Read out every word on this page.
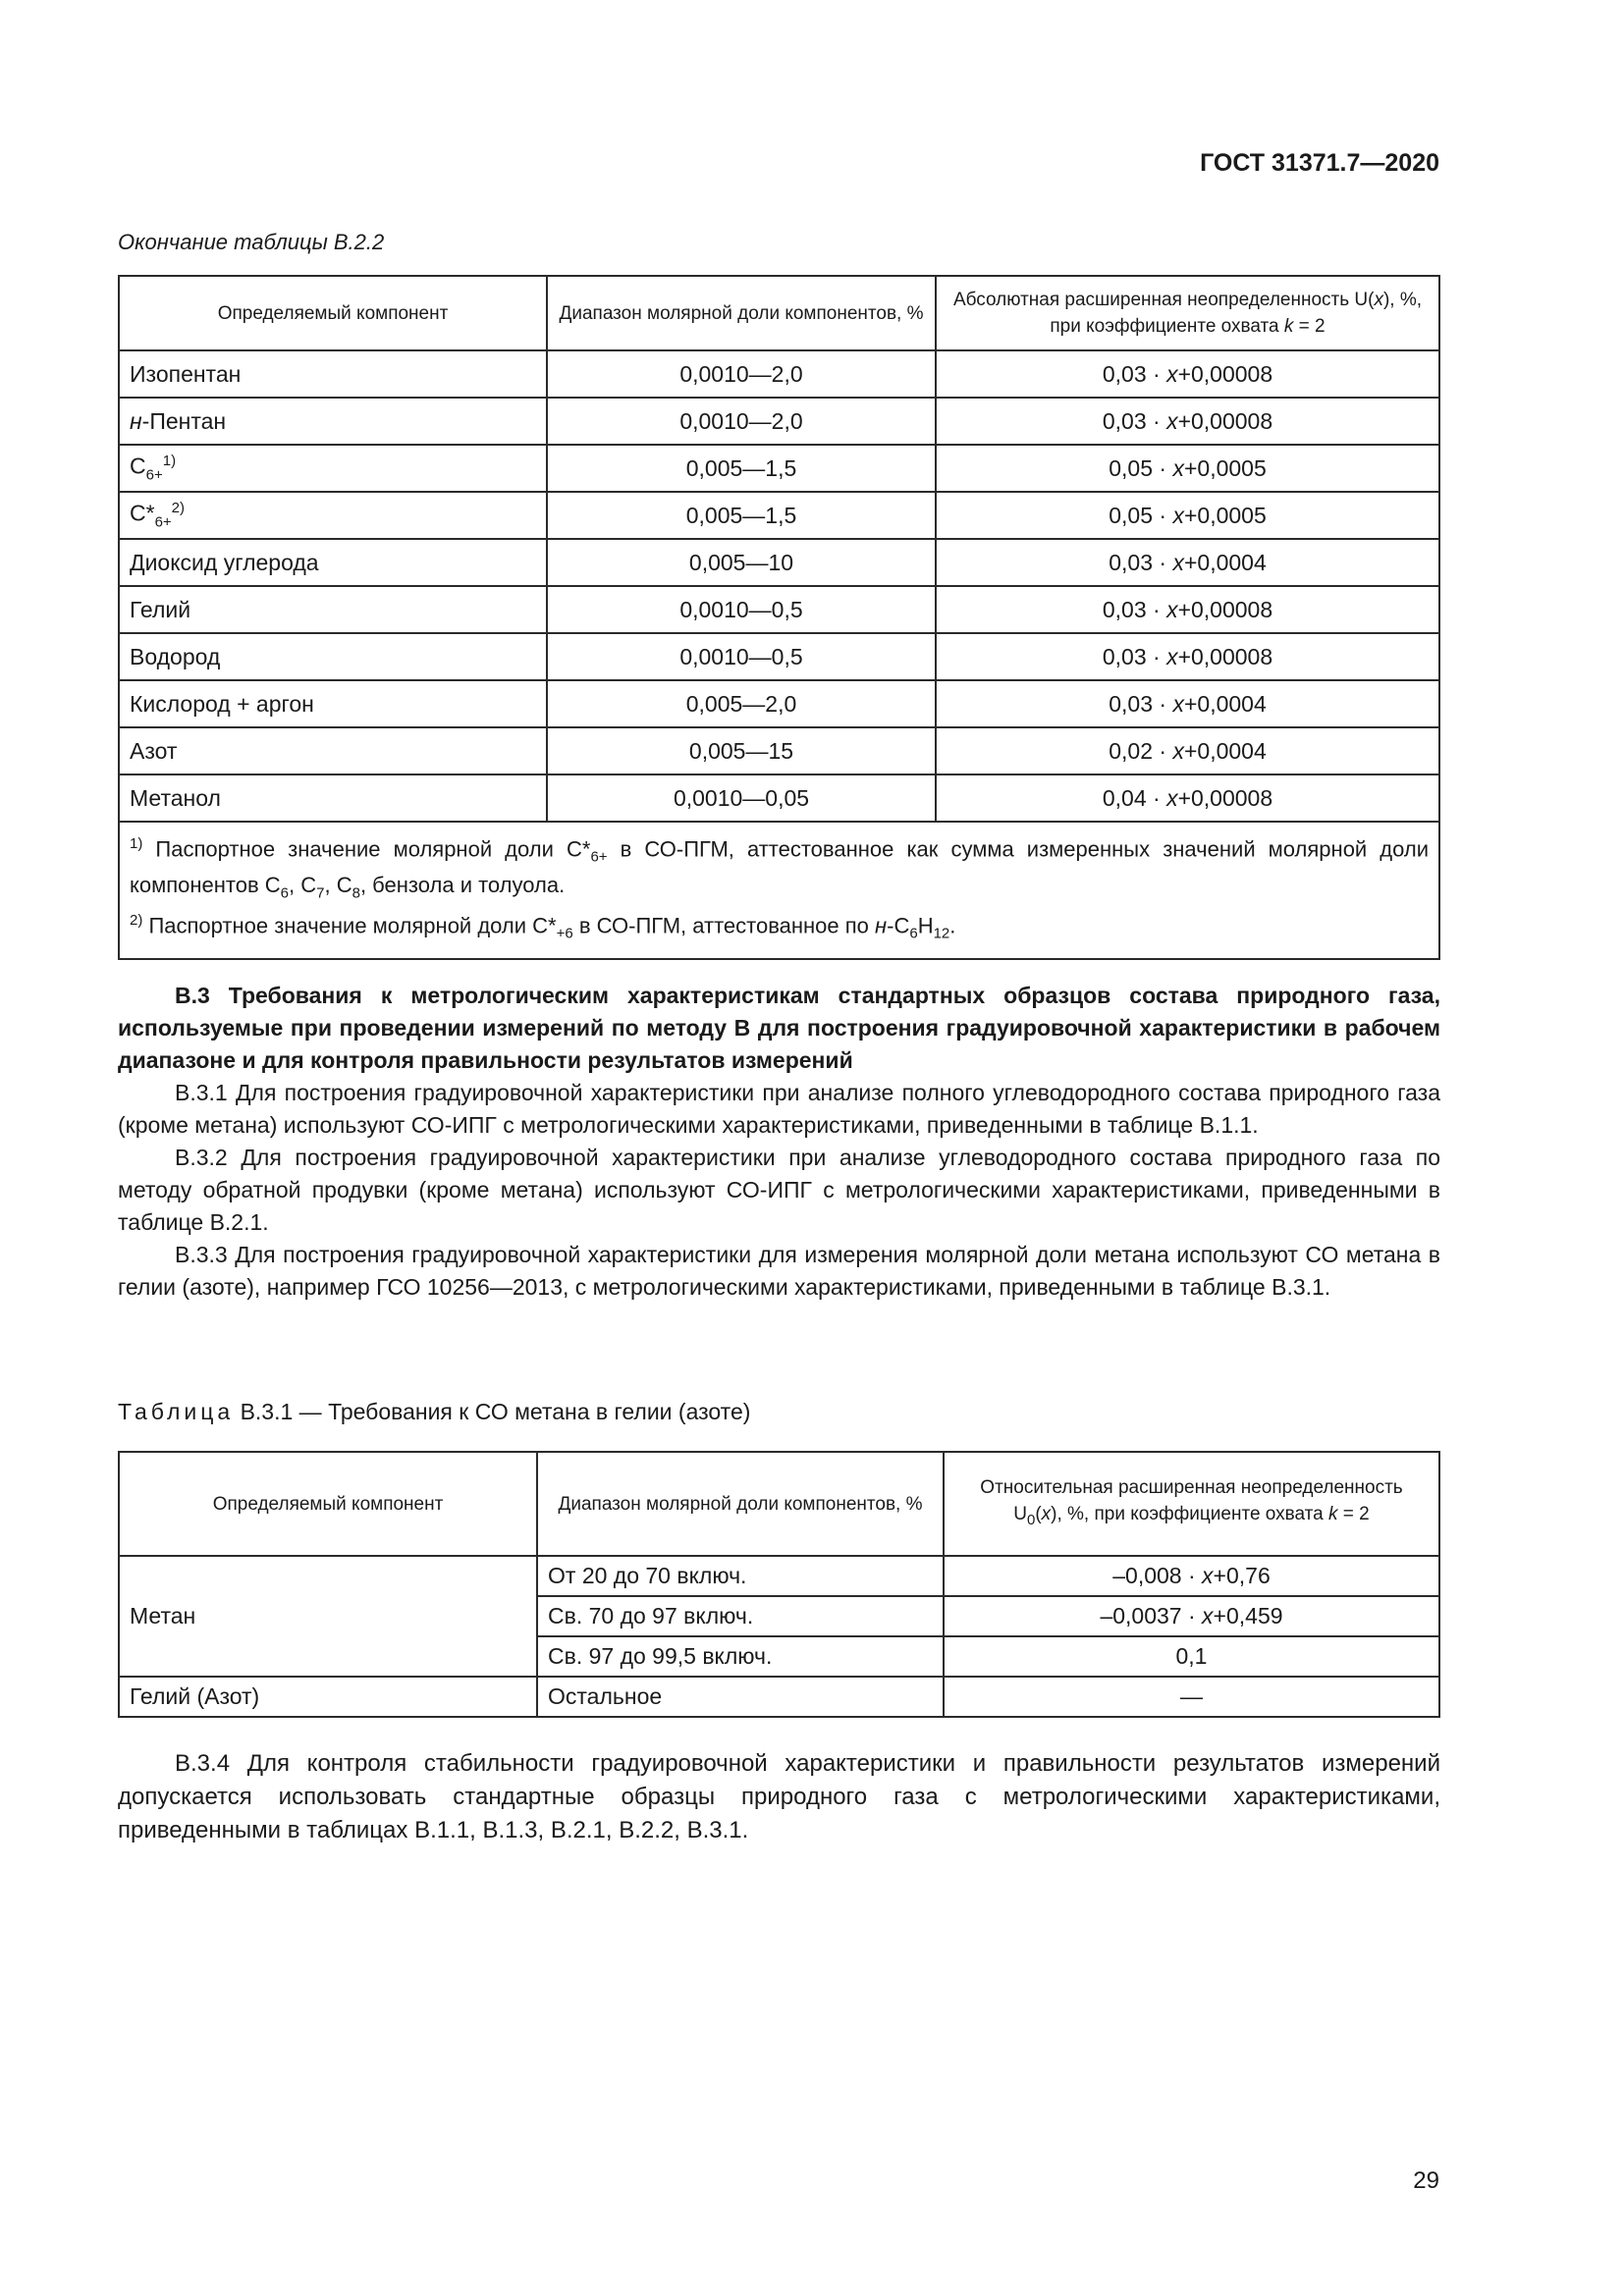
ГОСТ 31371.7—2020
Окончание таблицы В.2.2
Определяемый компонент	Диапазон молярной доли компонентов, %	Абсолютная расширенная неопределенность U(x), %, при коэффициенте охвата k = 2
Изопентан	0,0010—2,0	0,03 · x+0,00008
н-Пентан	0,0010—2,0	0,03 · x+0,00008
$C_{6+}^{1)}$	0,005—1,5	0,05 · x+0,0005
$C*_{6+}^{2)}$	0,005—1,5	0,05 · x+0,0005
Диоксид углерода	0,005—10	0,03 · x+0,0004
Гелий	0,0010—0,5	0,03 · x+0,00008
Водород	0,0010—0,5	0,03 · x+0,00008
Кислород + аргон	0,005—2,0	0,03 · x+0,0004
Азот	0,005—15	0,02 · x+0,0004
Метанол	0,0010—0,05	0,04 · x+0,00008

$^{1)}$ Паспортное значение молярной доли $C*_{6+}$ в СО-ПГМ, аттестованное как сумма измеренных значений молярной доли компонентов $C_6$, $C_7$, $C_8$, бензола и толуола.
$^{2)}$ Паспортное значение молярной доли $C*_{+6}$ в СО-ПГМ, аттестованное по $н-C_6H_{12}$.		

В.3 Требования к метрологическим характеристикам стандартных образцов состава природного газа, используемые при проведении измерений по методу В для построения градуировочной характеристики в рабочем диапазоне и для контроля правильности результатов измерений

В.3.1 Для построения градуировочной характеристики при анализе полного углеводородного состава природного газа (кроме метана) используют СО-ИПГ с метрологическими характеристиками, приведенными в таблице В.1.1.

В.3.2 Для построения градуировочной характеристики при анализе углеводородного состава природного газа по методу обратной продувки (кроме метана) используют СО-ИПГ с метрологическими характеристиками, приведенными в таблице В.2.1.

В.3.3 Для построения градуировочной характеристики для измерения молярной доли метана используют СО метана в гелии (азоте), например ГСО 10256—2013, с метрологическими характеристиками, приведенными в таблице В.3.1.

Таблица В.3.1 — Требования к СО метана в гелии (азоте)
Определяемый компонент	Диапазон молярной доли компонентов, %	Относительная расширенная неопределенность $U_0(x)$, %, при коэффициенте охвата k = 2
Метан	От 20 до 70 включ.	–0,008 · x+0,76
	Св. 70 до 97 включ.	–0,0037 · x+0,459
	Св. 97 до 99,5 включ.	0,1
Гелий (Азот)	Остальное	—

В.3.4 Для контроля стабильности градуировочной характеристики и правильности результатов измерений допускается использовать стандартные образцы природного газа с метрологическими характеристиками, приведенными в таблицах В.1.1, В.1.3, В.2.1, В.2.2, В.3.1.

29
